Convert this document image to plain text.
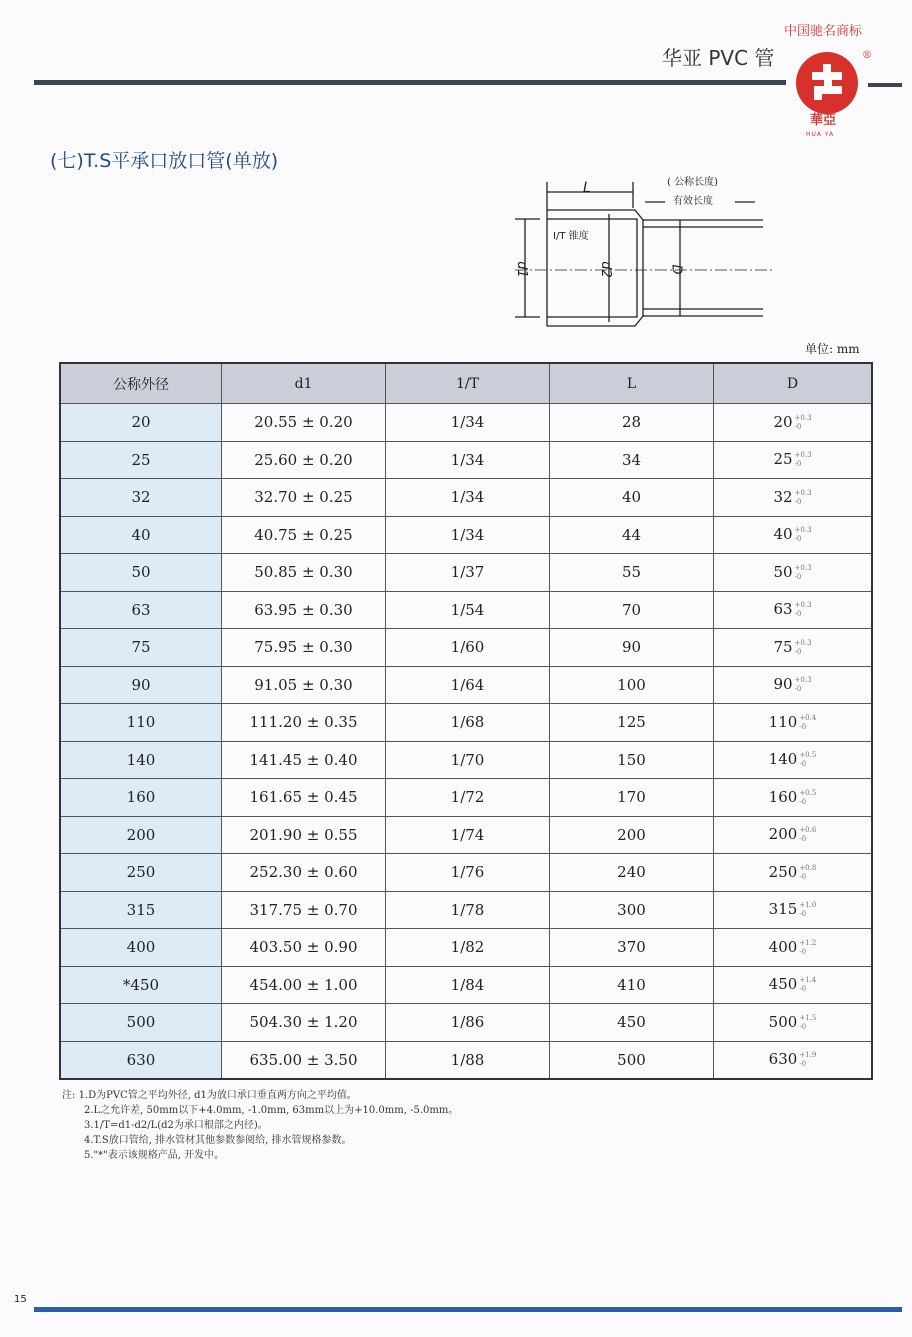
华亚 PVC 管
中国驰名商标
®
華亞
HUA YA
(七)T.S平承口放口管(单放)
L	( 公称长度)
有效长度
I/T 锥度
d1	d2	D
单位: mm
公称外径	d1	1/T	L	D
20	20.55 ± 0.20	1/34	28	20 +0.3
-0
25	25.60 ± 0.20	1/34	34	25 +0.3
-0
32	32.70 ± 0.25	1/34	40	32 +0.3
-0
40	40.75 ± 0.25	1/34	44	40 +0.3
-0
50	50.85 ± 0.30	1/37	55	50 +0.3
-0
63	63.95 ± 0.30	1/54	70	63 +0.3
-0
75	75.95 ± 0.30	1/60	90	75 +0.3
-0
90	91.05 ± 0.30	1/64	100	90 +0.3
-0
110	111.20 ± 0.35	1/68	125	110 +0.4
-0
140	141.45 ± 0.40	1/70	150	140 +0.5
-0
160	161.65 ± 0.45	1/72	170	160 +0.5
-0
200	201.90 ± 0.55	1/74	200	200 +0.6
-0
250	252.30 ± 0.60	1/76	240	250 +0.8
-0
315	317.75 ± 0.70	1/78	300	315 +1.0
-0
400	403.50 ± 0.90	1/82	370	400 +1.2
-0
*450	454.00 ± 1.00	1/84	410	450 +1.4
-0
500	504.30 ± 1.20	1/86	450	500 +1.5
-0
630	635.00 ± 3.50	1/88	500	630 +1.9
-0
注: 1.D为PVC管之平均外径, d1为放口承口垂直两方向之平均值。
2.L之允许差, 50mm以下+4.0mm, -1.0mm, 63mm以上为+10.0mm, -5.0mm。
3.1/T=d1-d2/L(d2为承口根部之内径)。
4.T.S放口管给, 排水管材其他参数参阅给, 排水管规格参数。
5."*"表示该规格产品, 开发中。
15
